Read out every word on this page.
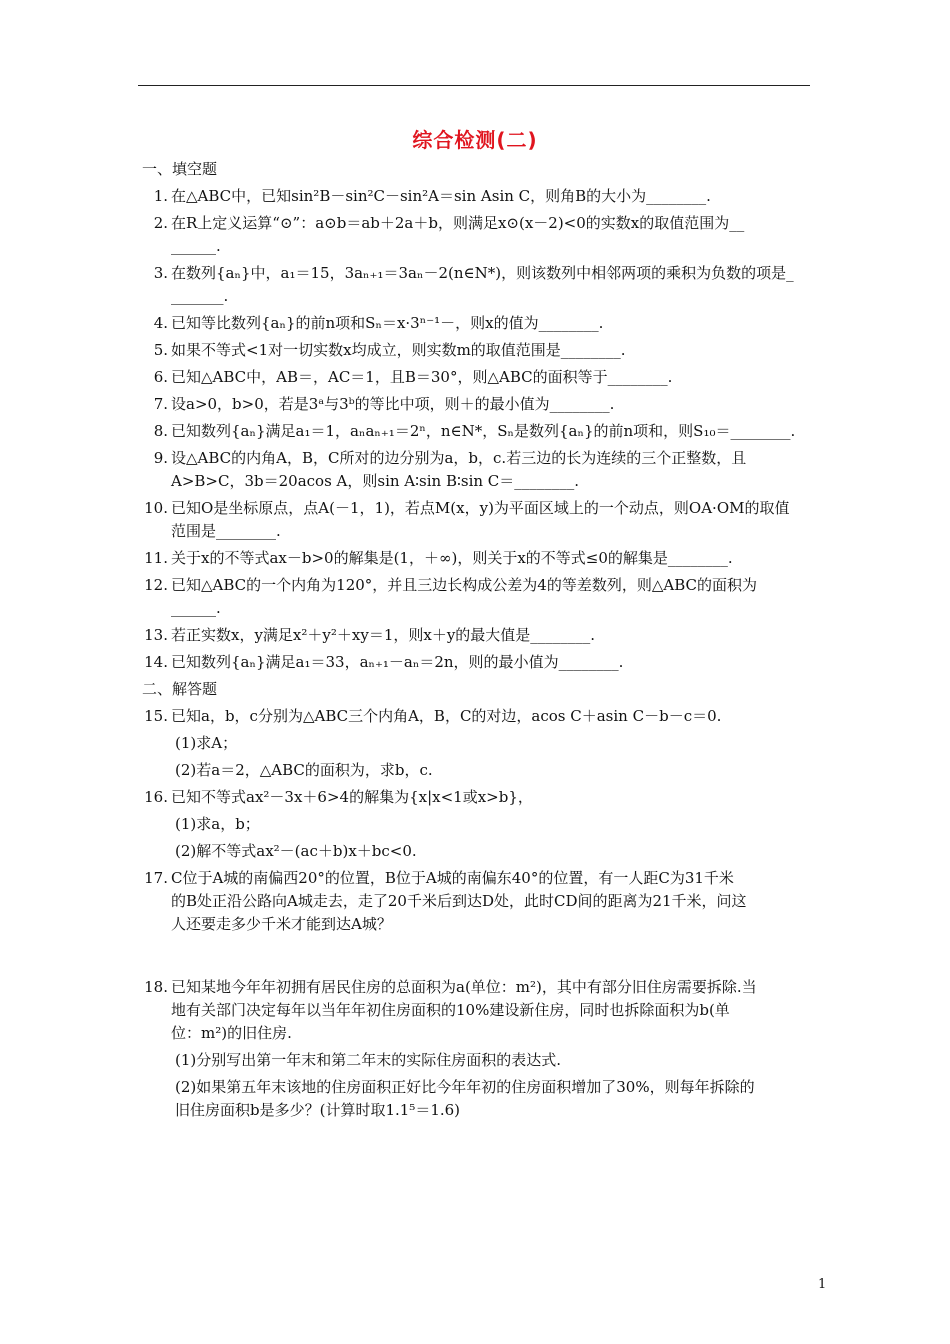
综合检测(二)

一、填空题

1. 在△ABC中，已知sin²B－sin²C－sin²A＝sin Asin C，则角B的大小为________.
2. 在R上定义运算“⊙”：a⊙b＝ab＋2a＋b，则满足x⊙(x－2)<0的实数x的取值范围为__
______.
3. 在数列{aₙ}中，a₁＝15，3aₙ₊₁＝3aₙ－2(n∈N*)，则该数列中相邻两项的乘积为负数的项是_
_______.
4. 已知等比数列{aₙ}的前n项和Sₙ＝x·3ⁿ⁻¹－，则x的值为________.
5. 如果不等式<1对一切实数x均成立，则实数m的取值范围是________.
6. 已知△ABC中，AB＝，AC＝1，且B＝30°，则△ABC的面积等于________.
7. 设a>0，b>0，若是3ᵃ与3ᵇ的等比中项，则＋的最小值为________.
8. 已知数列{aₙ}满足a₁＝1，aₙaₙ₊₁＝2ⁿ，n∈N*，Sₙ是数列{aₙ}的前n项和，则S₁₀＝________.
9. 设△ABC的内角A，B，C所对的边分别为a，b，c.若三边的长为连续的三个正整数，且
A>B>C，3b＝20acos A，则sin A∶sin B∶sin C＝________.
10. 已知O是坐标原点，点A(－1，1)，若点M(x，y)为平面区域上的一个动点，则OA·OM的取值
范围是________.
11. 关于x的不等式ax－b>0的解集是(1，＋∞)，则关于x的不等式≤0的解集是________.
12. 已知△ABC的一个内角为120°，并且三边长构成公差为4的等差数列，则△ABC的面积为
______.
13. 若正实数x，y满足x²＋y²＋xy＝1，则x＋y的最大值是________.
14. 已知数列{aₙ}满足a₁＝33，aₙ₊₁－aₙ＝2n，则的最小值为________.

二、解答题

15. 已知a，b，c分别为△ABC三个内角A，B，C的对边，acos C＋asin C－b－c＝0.

(1)求A；

(2)若a＝2，△ABC的面积为，求b，c.

16. 已知不等式ax²－3x＋6>4的解集为{x|x<1或x>b}，

(1)求a，b；

(2)解不等式ax²－(ac＋b)x＋bc<0.

17. C位于A城的南偏西20°的位置，B位于A城的南偏东40°的位置，有一人距C为31千米
的B处正沿公路向A城走去，走了20千米后到达D处，此时CD间的距离为21千米，问这
人还要走多少千米才能到达A城？
18. 已知某地今年年初拥有居民住房的总面积为a(单位：m²)，其中有部分旧住房需要拆除.当
地有关部门决定每年以当年年初住房面积的10%建设新住房，同时也拆除面积为b(单
位：m²)的旧住房.

(1)分别写出第一年末和第二年末的实际住房面积的表达式.

(2)如果第五年末该地的住房面积正好比今年年初的住房面积增加了30%，则每年拆除的

旧住房面积b是多少？(计算时取1.1⁵＝1.6)

1
